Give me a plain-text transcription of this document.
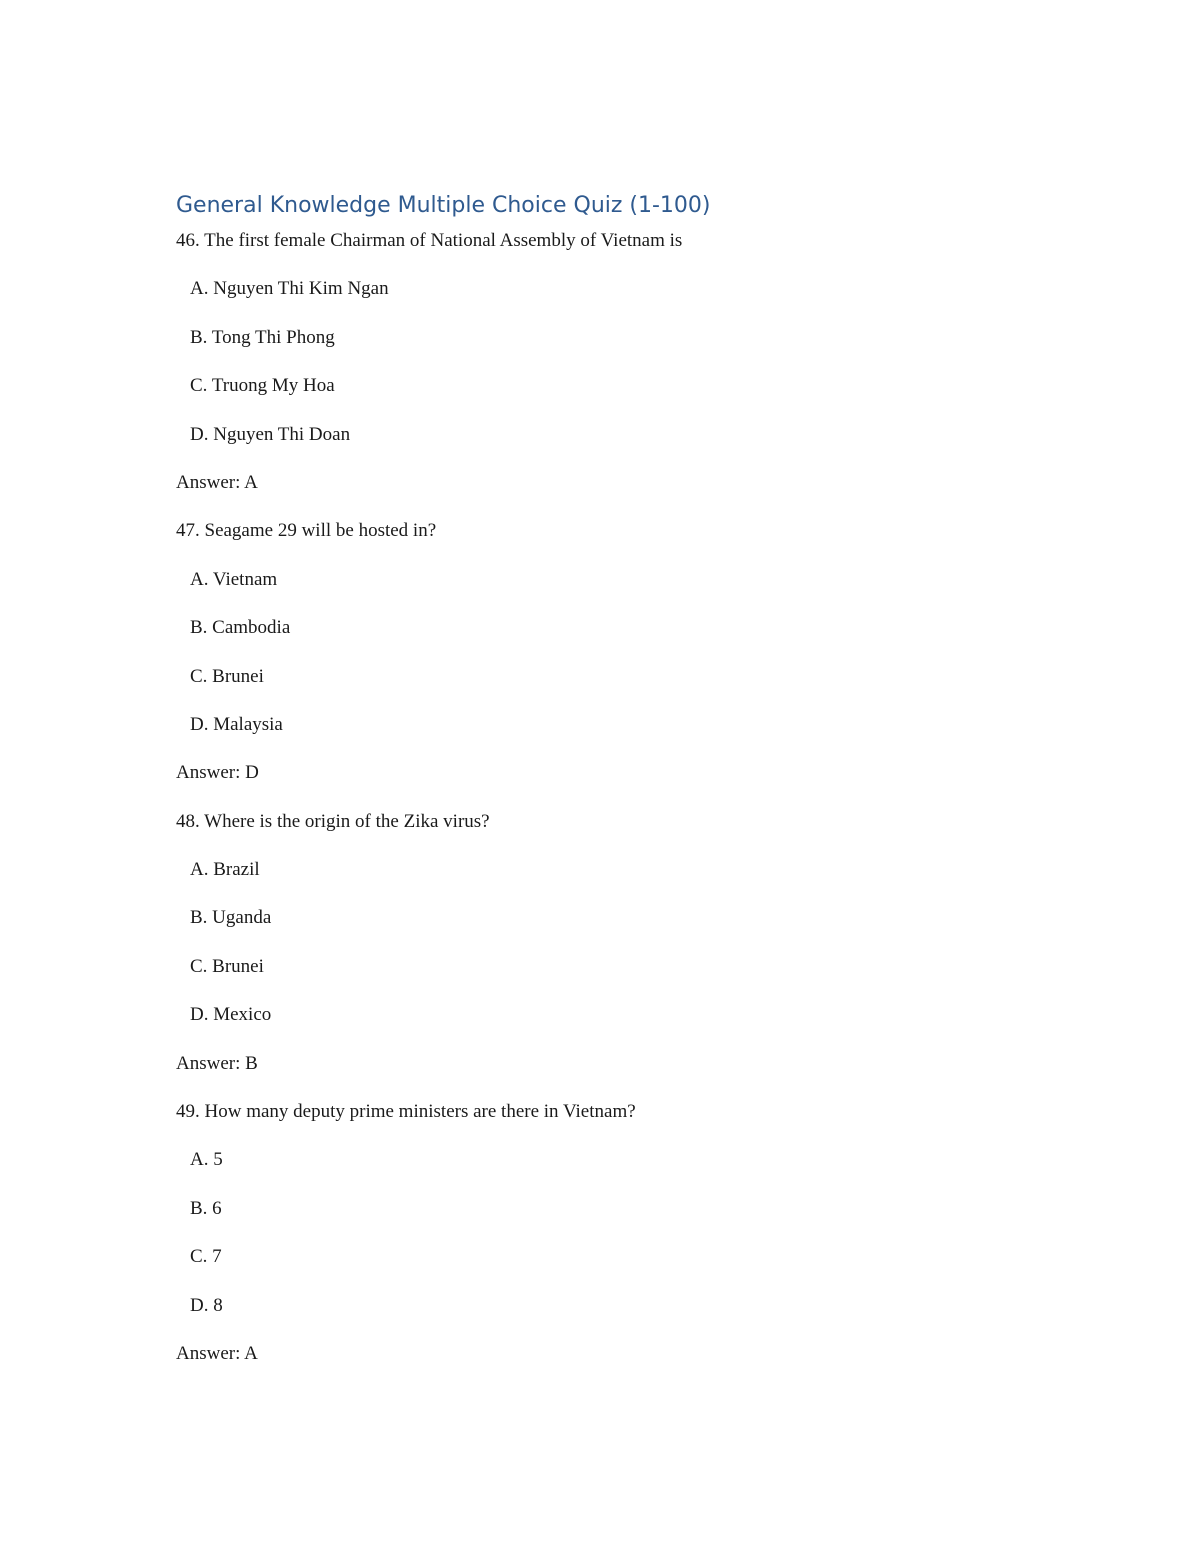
General Knowledge Multiple Choice Quiz (1-100)
46. The first female Chairman of National Assembly of Vietnam is
A. Nguyen Thi Kim Ngan
B. Tong Thi Phong
C. Truong My Hoa
D. Nguyen Thi Doan
Answer: A
47. Seagame 29 will be hosted in?
A. Vietnam
B. Cambodia
C. Brunei
D. Malaysia
Answer: D
48. Where is the origin of the Zika virus?
A. Brazil
B. Uganda
C. Brunei
D. Mexico
Answer: B
49. How many deputy prime ministers are there in Vietnam?
A. 5
B. 6
C. 7
D. 8
Answer: A
